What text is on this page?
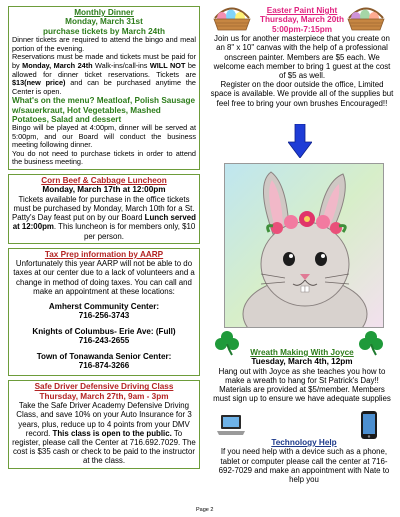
Monthly Dinner
Monday, March 31st
purchase tickets by March 24th

Dinner tickets are required to attend the bingo and meal portion of the evening.

Reservations must be made and tickets must be paid for by Monday, March 24th Walk-ins/call-ins WILL NOT be allowed for dinner ticket reservations. Tickets are $13(new price) and can be purchased anytime the Center is open.

What's on the menu? Meatloaf, Polish Sausage w/sauerkraut, Hot Vegetables, Mashed Potatoes, Salad and dessert

Bingo will be played at 4:00pm, dinner will be served at 5:00pm, and our Board will conduct the business meeting following dinner.

You do not need to purchase tickets in order to attend the business meeting.

Corn Beef & Cabbage Luncheon
Monday, March 17th at 12:00pm

Tickets available for purchase in the office tickets must be purchased by Monday, March 10th for a St. Patty's Day feast put on by our Board Lunch served at 12:00pm. This luncheon is for members only, $10 per person.

Tax Prep information by AARP

Unfortunately this year AARP will not be able to do taxes at our center due to a lack of volunteers and a change in method of doing taxes. You can call and make an appointment at these locations:

Amherst Community Center:
716-256-3743
Knights of Columbus- Erie Ave: (Full)
716-243-2655
Town of Tonawanda Senior Center:
716-874-3266
Safe Driver Defensive Driving Class
Thursday, March 27th, 9am - 3pm

Take the Safe Driver Academy Defensive Driving Class, and save 10% on your Auto Insurance for 3 years, plus, reduce up to 4 points from your DMV record. This class is open to the public. To register, please call the Center at 716.692.7029. The cost is $35 cash or check to be paid to the instructor at the class.

Easter Paint Night
Thursday, March 20th
5:00pm-7:15pm

Join us for another masterpiece that you create on an 8" x 10" canvas with the help of a professional onscreen painter. Members are $5 each. We welcome each member to bring 1 guest at the cost of $5 as well.

Register on the door outside the office, Limited space is available. We provide all of the supplies but feel free to bring your own brushes Encouraged!!

Wreath Making With Joyce
Tuesday, March 4th, 12pm

Hang out with Joyce as she teaches you how to make a wreath to hang for St Patrick's Day!! Materials are provided at $5/member. Members must sign up to ensure we have adequate supplies

Technology Help

If you need help with a device such as a phone, tablet or computer please call the center at 716-692-7029 and make an appointment with Nate to help you

Page 2
